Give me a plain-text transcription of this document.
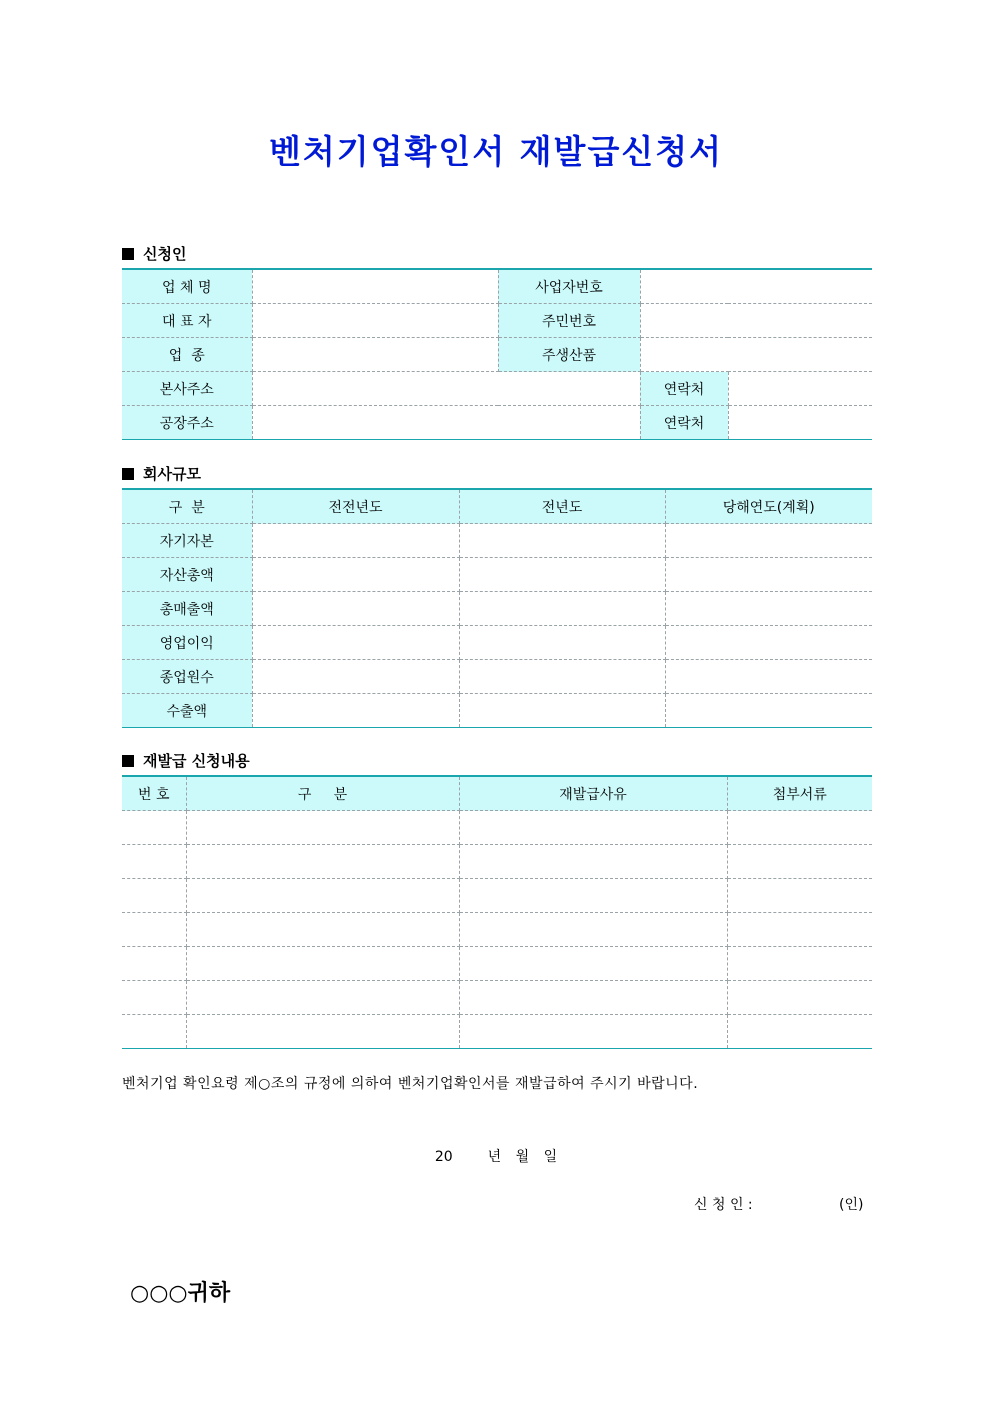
벤처기업확인서 재발급신청서
신청인
업 체 명		사업자번호		
대 표 자		주민번호		
업  종		주생산품		
본사주소			연락처	
공장주소			연락처	
회사규모
구  분	전전년도	전년도	당해연도(계획)
자기자본			
자산총액			
총매출액			
영업이익			
종업원수			
수출액			
재발급 신청내용
번 호	구     분	재발급사유	첨부서류

벤처기업 확인요령 제○조의 규정에 의하여 벤처기업확인서를 재발급하여 주시기 바랍니다.
20 년 월 일
신 청 인 :	(인)
○○○귀하
